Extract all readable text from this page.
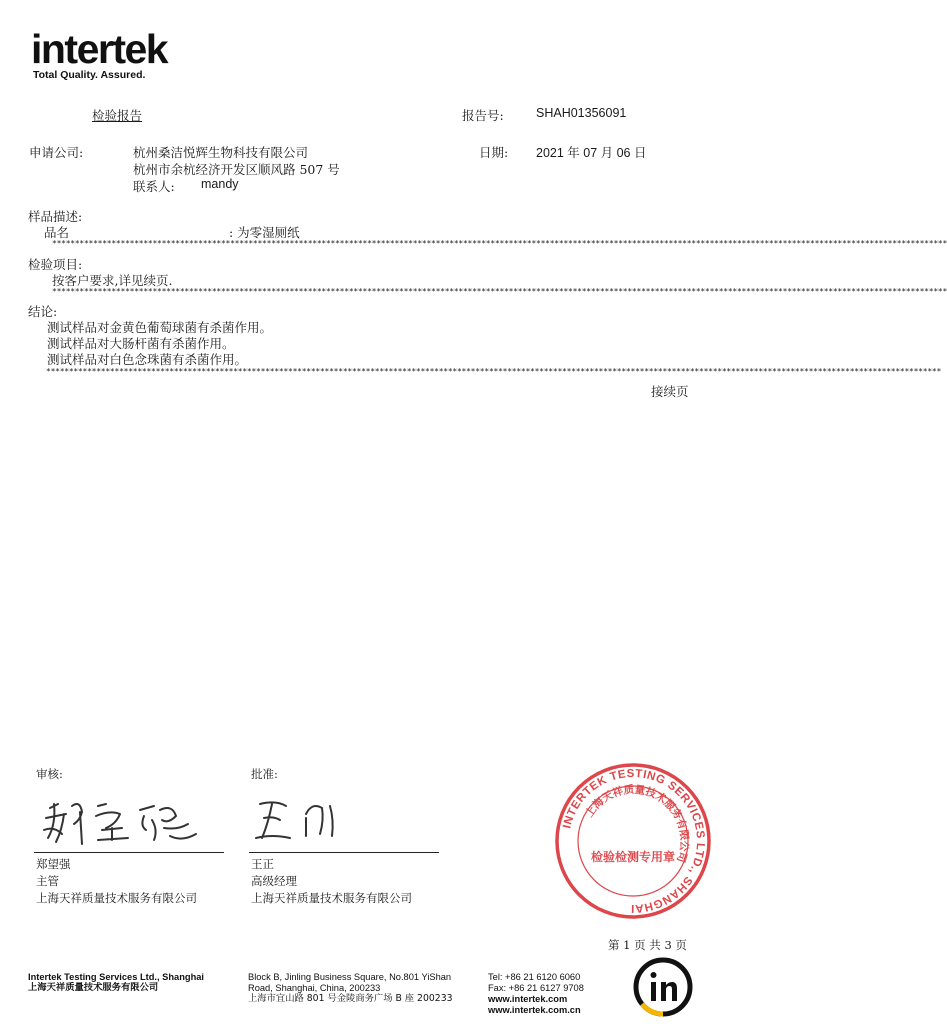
intertek
Total Quality. Assured.
检验报告	报告号:	SHAH01356091
申请公司:	杭州桑洁悦辉生物科技有限公司
杭州市余杭经济开发区顺风路 507 号
联系人: mandy
日期: 2021 年 07 月 06 日
样品描述:
品名	: 为零湿厕纸
****************************************************************************************************************************************************************************************************
检验项目:
按客户要求,详见续页.
****************************************************************************************************************************************************************************************************
结论:
测试样品对金黄色葡萄球菌有杀菌作用。
测试样品对大肠杆菌有杀菌作用。
测试样品对白色念珠菌有杀菌作用。
****************************************************************************************************************************************************************************************************
接续页
审核:	批准:
郑望强
主管
上海天祥质量技术服务有限公司
王正
高级经理
上海天祥质量技术服务有限公司
INTERTEK TESTING SERVICES LTD., SHANGHAI
上海天祥质量技术服务有限公司
检验检测专用章
第 1 页 共 3 页
Intertek Testing Services Ltd., Shanghai
上海天祥质量技术服务有限公司
Block B, Jinling Business Square, No.801 YiShan
Road, Shanghai, China, 200233
上海市宜山路 801 号金陵商务广场 B 座 200233
Tel: +86 21 6120 6060
Fax: +86 21 6127 9708
www.intertek.com
www.intertek.com.cn
